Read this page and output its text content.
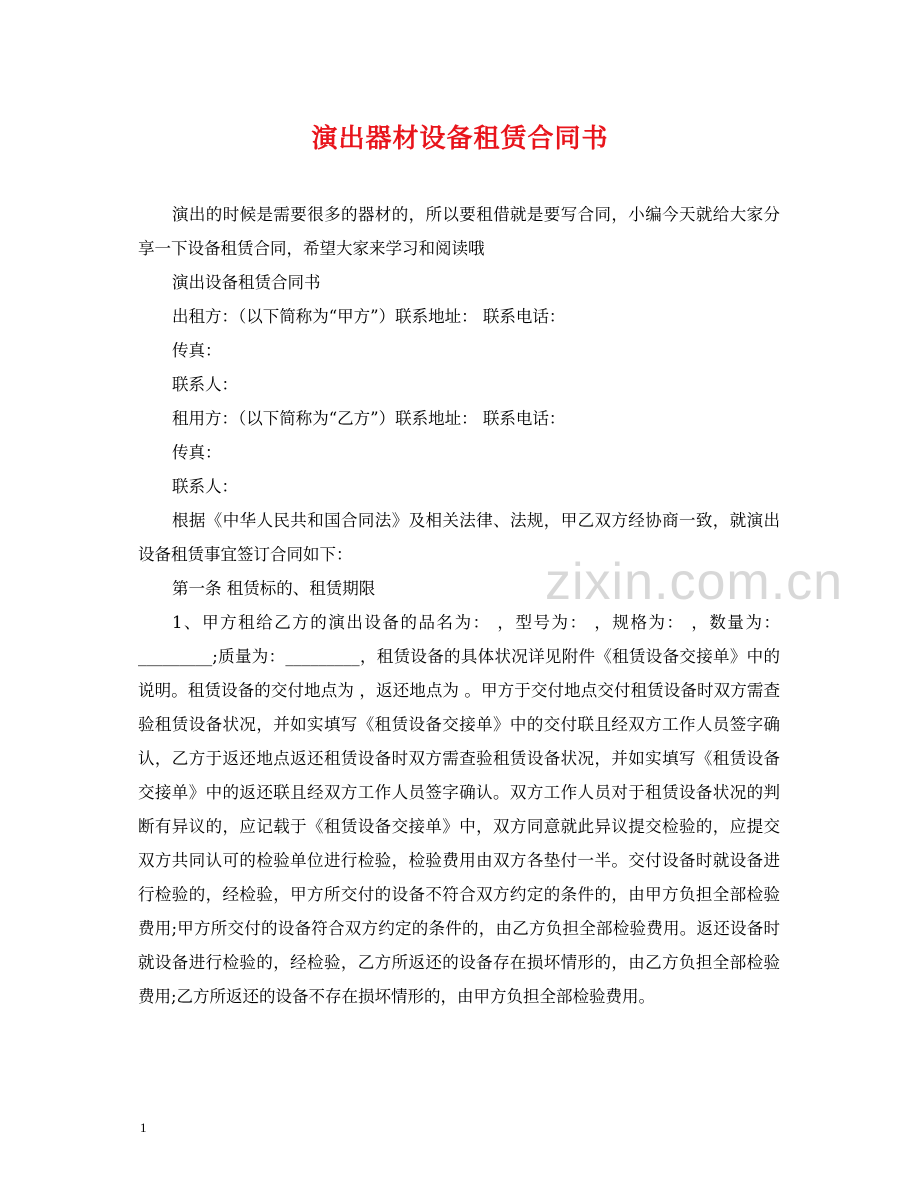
演出器材设备租赁合同书

演出的时候是需要很多的器材的，所以要租借就是要写合同，小编今天就给大家分享一下设备租赁合同，希望大家来学习和阅读哦

演出设备租赁合同书

出租方：（以下简称为“甲方”）联系地址： 联系电话：

传真：

联系人：

租用方：（以下简称为“乙方”）联系地址： 联系电话：

传真：

联系人：

根据《中华人民共和国合同法》及相关法律、法规，甲乙双方经协商一致，就演出设备租赁事宜签订合同如下：

第一条 租赁标的、租赁期限

1、甲方租给乙方的演出设备的品名为： ，型号为： ，规格为： ，数量为：_________;质量为：_________，租赁设备的具体状况详见附件《租赁设备交接单》中的说明。租赁设备的交付地点为 ，返还地点为 。甲方于交付地点交付租赁设备时双方需查验租赁设备状况，并如实填写《租赁设备交接单》中的交付联且经双方工作人员签字确认，乙方于返还地点返还租赁设备时双方需查验租赁设备状况，并如实填写《租赁设备交接单》中的返还联且经双方工作人员签字确认。双方工作人员对于租赁设备状况的判断有异议的，应记载于《租赁设备交接单》中，双方同意就此异议提交检验的，应提交双方共同认可的检验单位进行检验，检验费用由双方各垫付一半。交付设备时就设备进行检验的，经检验，甲方所交付的设备不符合双方约定的条件的，由甲方负担全部检验费用;甲方所交付的设备符合双方约定的条件的，由乙方负担全部检验费用。返还设备时就设备进行检验的，经检验，乙方所返还的设备存在损坏情形的，由乙方负担全部检验费用;乙方所返还的设备不存在损坏情形的，由甲方负担全部检验费用。

zixin.com.cn
1
